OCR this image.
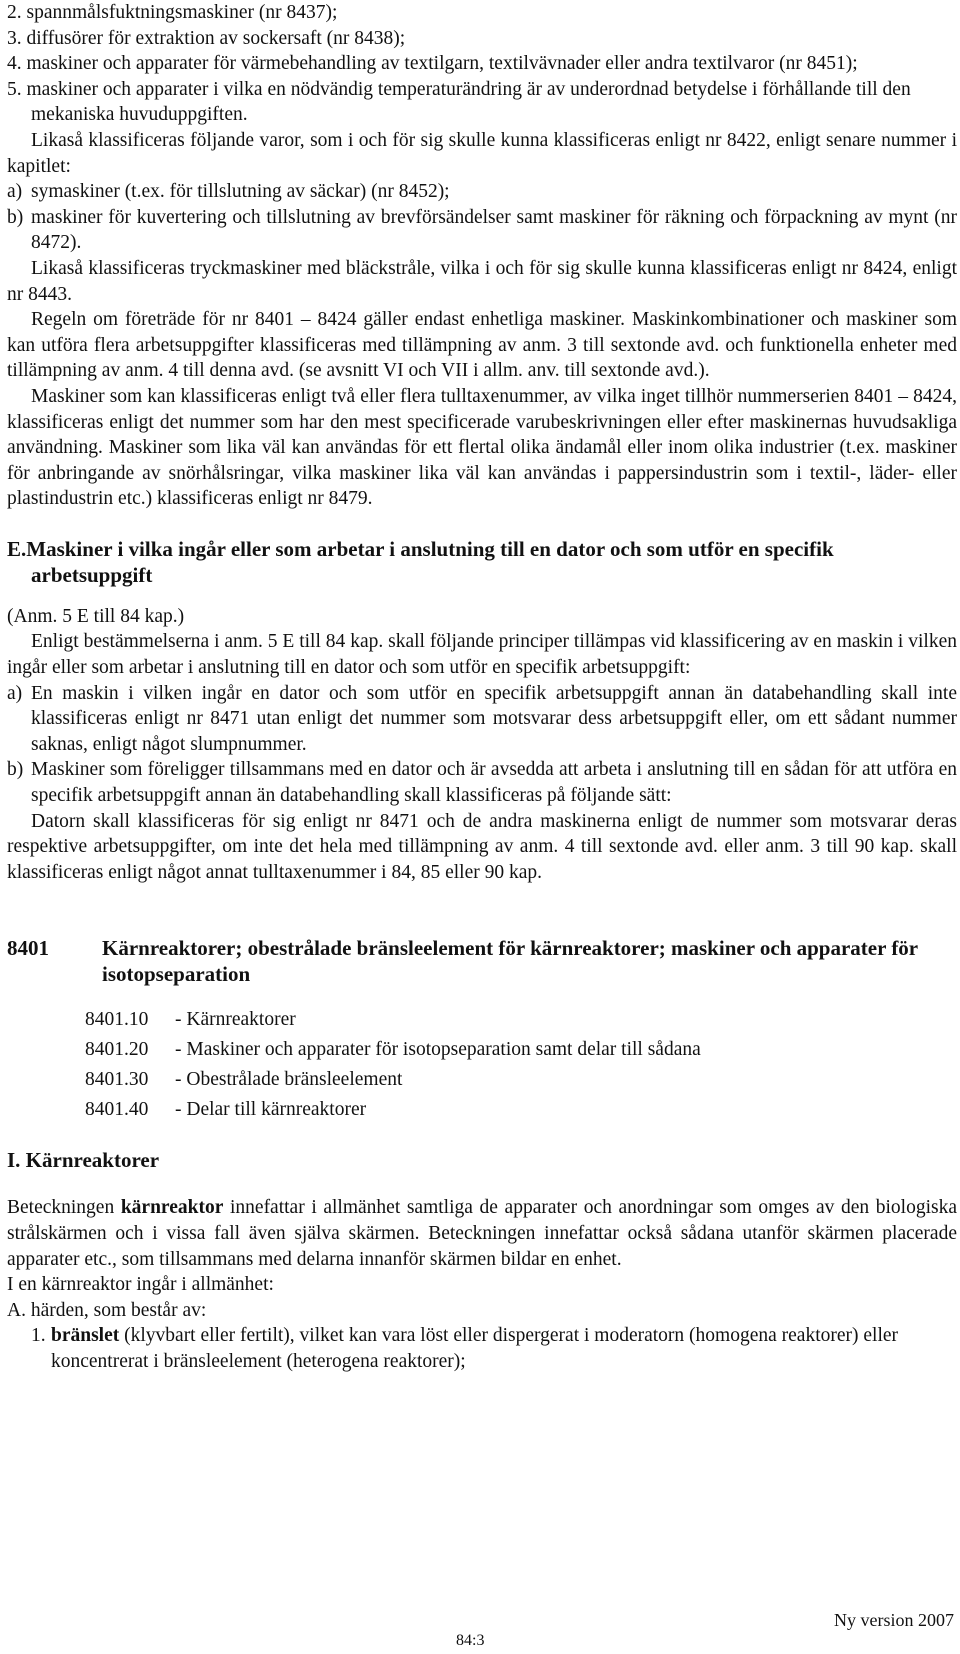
2. spannmålsfuktningsmaskiner (nr 8437);

3. diffusörer för extraktion av sockersaft (nr 8438);

4. maskiner och apparater för värmebehandling av textilgarn, textilvävnader eller andra textilvaror (nr 8451);

5. maskiner och apparater i vilka en nödvändig temperaturändring är av underordnad betydelse i förhållande till den mekaniska huvuduppgiften.

Likaså klassificeras följande varor, som i och för sig skulle kunna klassificeras enligt nr 8422, enligt senare nummer i kapitlet:

a) symaskiner (t.ex. för tillslutning av säckar) (nr 8452);

b) maskiner för kuvertering och tillslutning av brevförsändelser samt maskiner för räkning och förpackning av mynt (nr 8472).

Likaså klassificeras tryckmaskiner med bläckstråle, vilka i och för sig skulle kunna klassificeras enligt nr 8424, enligt nr 8443.

Regeln om företräde för nr 8401 – 8424 gäller endast enhetliga maskiner. Maskinkombinationer och maskiner som kan utföra flera arbetsuppgifter klassificeras med tillämpning av anm. 3 till sextonde avd. och funktionella enheter med tillämpning av anm. 4 till denna avd. (se avsnitt VI och VII i allm. anv. till sextonde avd.).

Maskiner som kan klassificeras enligt två eller flera tulltaxenummer, av vilka inget tillhör nummerserien 8401 – 8424, klassificeras enligt det nummer som har den mest specificerade varubeskrivningen eller efter maskinernas huvudsakliga användning. Maskiner som lika väl kan användas för ett flertal olika ändamål eller inom olika industrier (t.ex. maskiner för anbringande av snörhålsringar, vilka maskiner lika väl kan användas i pappersindustrin som i textil-, läder- eller plastindustrin etc.) klassificeras enligt nr 8479.

E.Maskiner i vilka ingår eller som arbetar i anslutning till en dator och som utför en specifik arbetsuppgift

(Anm. 5 E till 84 kap.)

Enligt bestämmelserna i anm. 5 E till 84 kap. skall följande principer tillämpas vid klassificering av en maskin i vilken ingår eller som arbetar i anslutning till en dator och som utför en specifik arbetsuppgift:

a) En maskin i vilken ingår en dator och som utför en specifik arbetsuppgift annan än databehandling skall inte klassificeras enligt nr 8471 utan enligt det nummer som motsvarar dess arbetsuppgift eller, om ett sådant nummer saknas, enligt något slumpnummer.

b) Maskiner som föreligger tillsammans med en dator och är avsedda att arbeta i anslutning till en sådan för att utföra en specifik arbetsuppgift annan än databehandling skall klassificeras på följande sätt:

Datorn skall klassificeras för sig enligt nr 8471 och de andra maskinerna enligt de nummer som motsvarar deras respektive arbetsuppgifter, om inte det hela med tillämpning av anm. 4 till sextonde avd. eller anm. 3 till 90 kap. skall klassificeras enligt något annat tulltaxenummer i 84, 85 eller 90 kap.

8401	Kärnreaktorer; obestrålade bränsleelement för kärnreaktorer; maskiner och apparater för isotopseparation
8401.10	- Kärnreaktorer
8401.20	- Maskiner och apparater för isotopseparation samt delar till sådana
8401.30	- Obestrålade bränsleelement
8401.40	- Delar till kärnreaktorer

I. Kärnreaktorer

Beteckningen kärnreaktor innefattar i allmänhet samtliga de apparater och anordningar som omges av den biologiska strålskärmen och i vissa fall även själva skärmen. Beteckningen innefattar också sådana utanför skärmen placerade apparater etc., som tillsammans med delarna innanför skärmen bildar en enhet.

I en kärnreaktor ingår i allmänhet:

A. härden, som består av:

1. bränslet (klyvbart eller fertilt), vilket kan vara löst eller dispergerat i moderatorn (homogena reaktorer) eller koncentrerat i bränsleelement (heterogena reaktorer);

Ny version 2007
84:3
